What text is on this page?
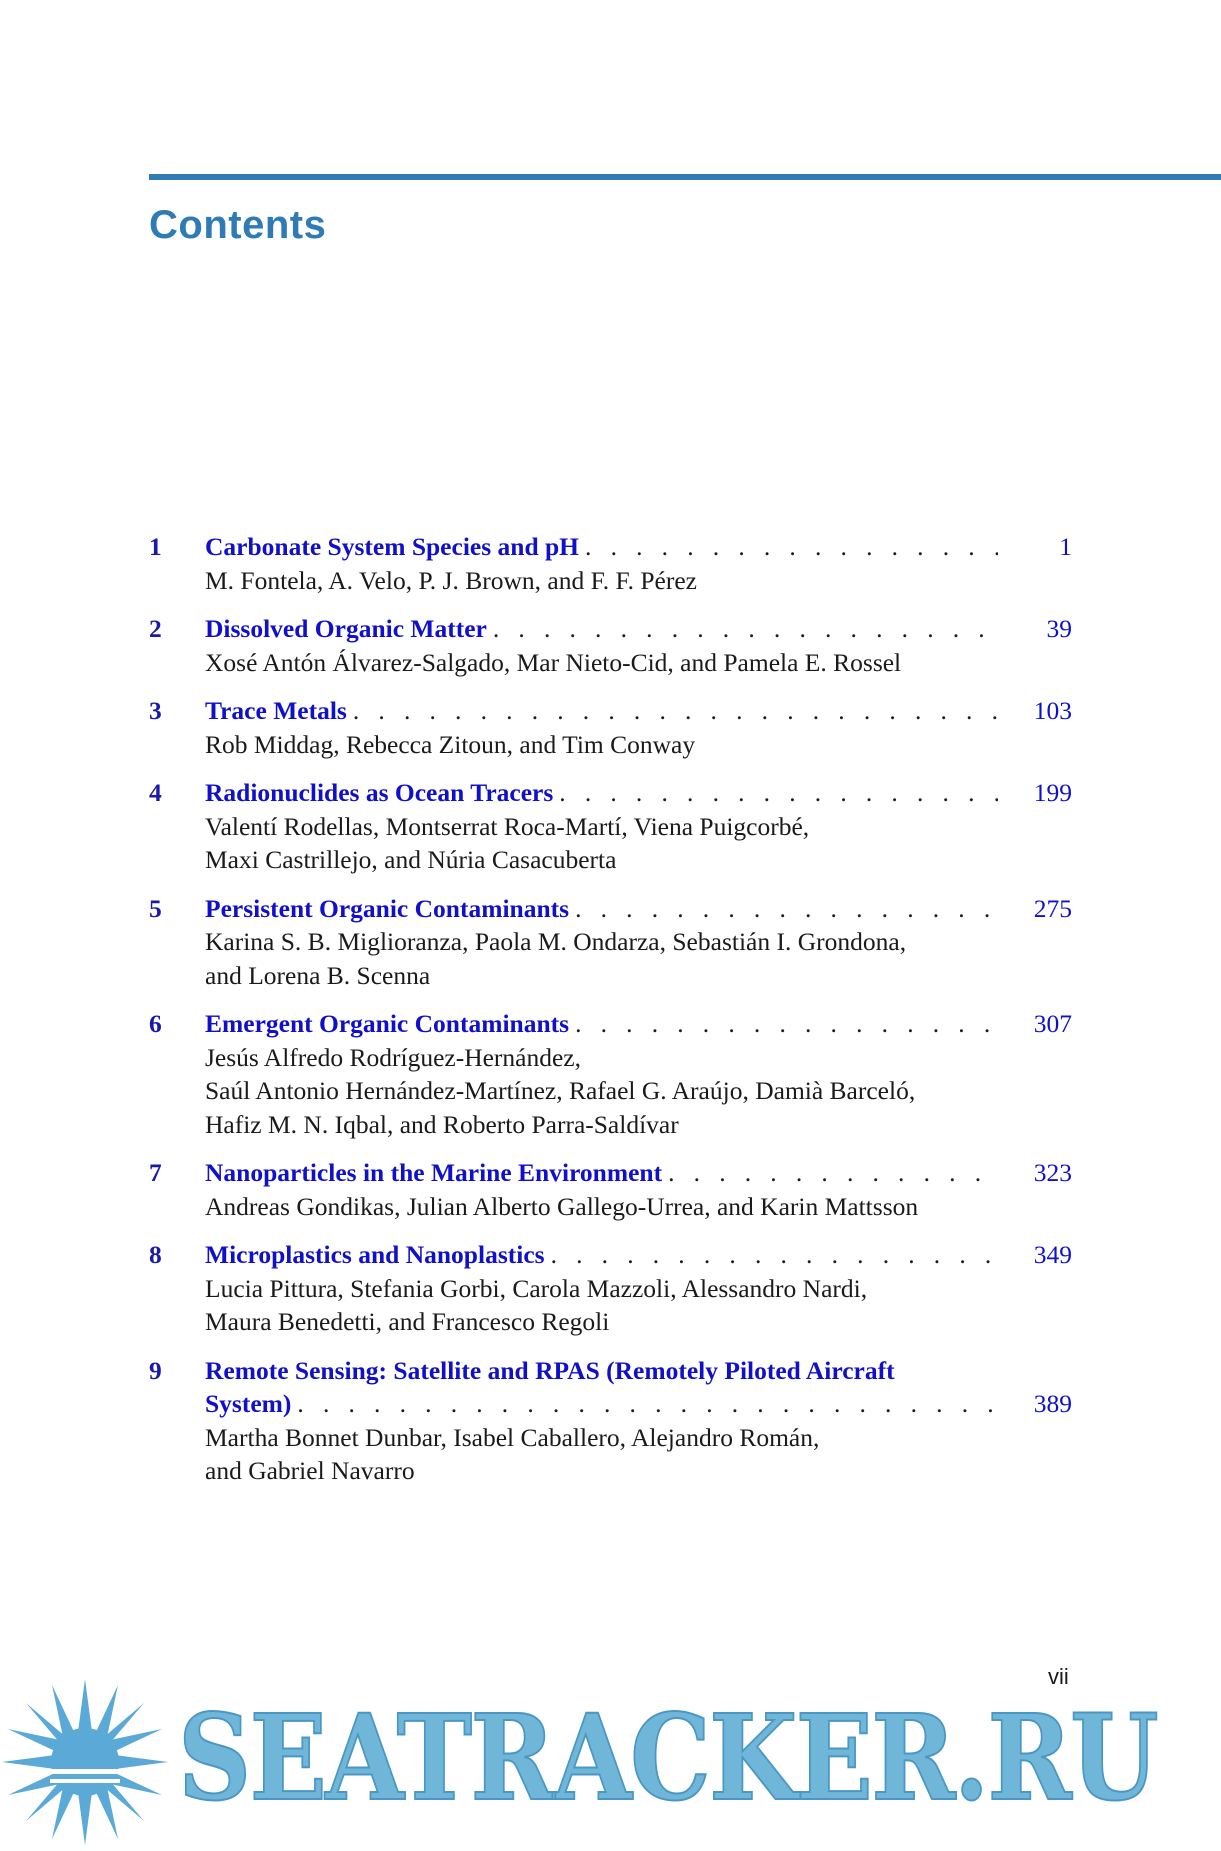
Contents
1 Carbonate System Species and pH . . .	1
M. Fontela, A. Velo, P. J. Brown, and F. F. Pérez
2 Dissolved Organic Matter . . .	39
Xosé Antón Álvarez-Salgado, Mar Nieto-Cid, and Pamela E. Rossel
3 Trace Metals . . .	103
Rob Middag, Rebecca Zitoun, and Tim Conway
4 Radionuclides as Ocean Tracers . . .	199
Valentí Rodellas, Montserrat Roca-Martí, Viena Puigcorbé,
Maxi Castrillejo, and Núria Casacuberta
5 Persistent Organic Contaminants . . .	275
Karina S. B. Miglioranza, Paola M. Ondarza, Sebastián I. Grondona,
and Lorena B. Scenna
6 Emergent Organic Contaminants . . .	307
Jesús Alfredo Rodríguez-Hernández,
Saúl Antonio Hernández-Martínez, Rafael G. Araújo, Damià Barceló,
Hafiz M. N. Iqbal, and Roberto Parra-Saldívar
7 Nanoparticles in the Marine Environment . . .	323
Andreas Gondikas, Julian Alberto Gallego-Urrea, and Karin Mattsson
8 Microplastics and Nanoplastics . . .	349
Lucia Pittura, Stefania Gorbi, Carola Mazzoli, Alessandro Nardi,
Maura Benedetti, and Francesco Regoli
9 Remote Sensing: Satellite and RPAS (Remotely Piloted Aircraft
System) . . .	389
Martha Bonnet Dunbar, Isabel Caballero, Alejandro Román,
and Gabriel Navarro
vii
SEATRACKER.RU
